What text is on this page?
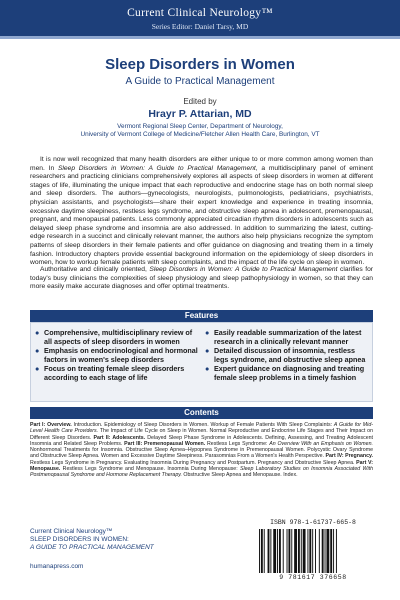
Current Clinical Neurology™
Series Editor: Daniel Tarsy, MD
Sleep Disorders in Women
A Guide to Practical Management
Edited by
Hrayr P. Attarian, MD
Vermont Regional Sleep Center, Department of Neurology,
University of Vermont College of Medicine/Fletcher Allen Health Care, Burlington, VT

It is now well recognized that many health disorders are either unique to or more common among women than men. In Sleep Disorders in Women: A Guide to Practical Management, a multidisciplinary panel of eminent researchers and practicing clinicians comprehensively explores all aspects of sleep disorders in women at different stages of life, illuminating the unique impact that each reproductive and endocrine stage has on both normal sleep and sleep disorders. The authors—gynecologists, neurologists, pulmonologists, pediatricians, psychiatrists, physician assistants, and psychologists—share their expert knowledge and experience in treating insomnia, excessive daytime sleepiness, restless legs syndrome, and obstructive sleep apnea in adolescent, premenopausal, pregnant, and menopausal patients. Less commonly appreciated circadian rhythm disorders in adolescents such as delayed sleep phase syndrome and insomnia are also addressed. In addition to summarizing the latest, cutting-edge research in a succinct and clinically relevant manner, the authors also help physicians recognize the symptom patterns of sleep disorders in their female patients and offer guidance on diagnosing and treating them in a timely fashion. Introductory chapters provide essential background information on the epidemiology of sleep disorders in women, how to workup female patients with sleep complaints, and the impact of the life cycle on sleep in women.

Authoritative and clinically oriented, Sleep Disorders in Women: A Guide to Practical Management clarifies for today's busy clinicians the complexities of sleep physiology and sleep pathophysiology in women, so that they can more easily make accurate diagnoses and offer optimal treatments.

Features
● Comprehensive, multidisciplinary review of all aspects of sleep disorders in women
● Emphasis on endocrinological and hormonal factors in women's sleep disorders
● Focus on treating female sleep disorders according to each stage of life
● Easily readable summarization of the latest research in a clinically relevant manner
● Detailed discussion of insomnia, restless legs syndrome, and obstructive sleep apnea
● Expert guidance on diagnosing and treating female sleep problems in a timely fashion
Contents

Part I: Overview. Introduction. Epidemiology of Sleep Disorders in Women. Workup of Female Patients With Sleep Complaints: A Guide for Mid-Level Health Care Providers. The Impact of Life Cycle on Sleep in Women. Normal Reproductive and Endocrine Life Stages and Their Impact on Different Sleep Disorders. Part II: Adolescents. Delayed Sleep Phase Syndrome in Adolescents. Defining, Assessing, and Treating Adolescent Insomnia and Related Sleep Problems. Part III: Premenopausal Women. Restless Legs Syndrome: An Overview With an Emphasis on Women. Nonhormonal Treatments for Insomnia. Obstructive Sleep Apnea–Hypopnea Syndrome in Premenopausal Women. Polycystic Ovary Syndrome and Obstructive Sleep Apnea. Women and Excessive Daytime Sleepiness. Parasomnias From a Women's Health Perspective. Part IV: Pregnancy. Restless Legs Syndrome in Pregnancy. Evaluating Insomnia During Pregnancy and Postpartum. Pregnancy and Obstructive Sleep Apnea. Part V: Menopause. Restless Legs Syndrome and Menopause. Insomnia During Menopause: Sleep Laboratory Studies on Insomnia Associated With Postmenopausal Syndrome and Hormone Replacement Therapy. Obstructive Sleep Apnea and Menopause. Index.

Current Clinical Neurology™
SLEEP DISORDERS IN WOMEN:
A GUIDE TO PRACTICAL MANAGEMENT
humanapress.com
ISBN 978-1-61737-665-8
9 781617 376658
